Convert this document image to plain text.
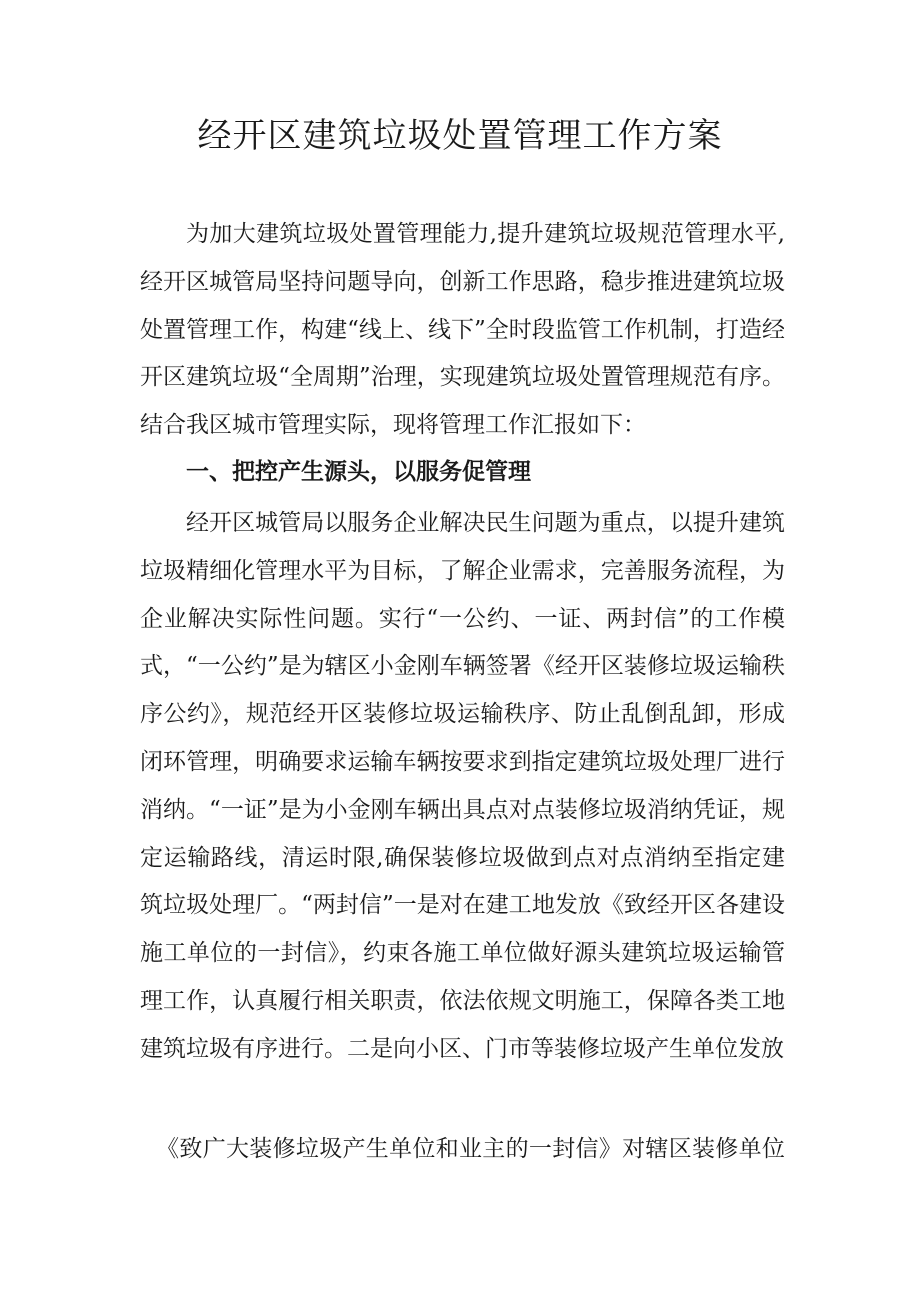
经开区建筑垃圾处置管理工作方案

为加大建筑垃圾处置管理能力,提升建筑垃圾规范管理水平,经开区城管局坚持问题导向，创新工作思路，稳步推进建筑垃圾处置管理工作，构建“线上、线下”全时段监管工作机制，打造经开区建筑垃圾“全周期”治理，实现建筑垃圾处置管理规范有序。结合我区城市管理实际，现将管理工作汇报如下：

一、把控产生源头，以服务促管理

经开区城管局以服务企业解决民生问题为重点，以提升建筑垃圾精细化管理水平为目标，了解企业需求，完善服务流程，为企业解决实际性问题。实行“一公约、一证、两封信”的工作模式，“一公约”是为辖区小金刚车辆签署《经开区装修垃圾运输秩序公约》，规范经开区装修垃圾运输秩序、防止乱倒乱卸，形成闭环管理，明确要求运输车辆按要求到指定建筑垃圾处理厂进行消纳。“一证”是为小金刚车辆出具点对点装修垃圾消纳凭证，规定运输路线，清运时限,确保装修垃圾做到点对点消纳至指定建筑垃圾处理厂。“两封信”一是对在建工地发放《致经开区各建设施工单位的一封信》，约束各施工单位做好源头建筑垃圾运输管理工作，认真履行相关职责，依法依规文明施工，保障各类工地建筑垃圾有序进行。二是向小区、门市等装修垃圾产生单位发放

《致广大装修垃圾产生单位和业主的一封信》对辖区装修单位
